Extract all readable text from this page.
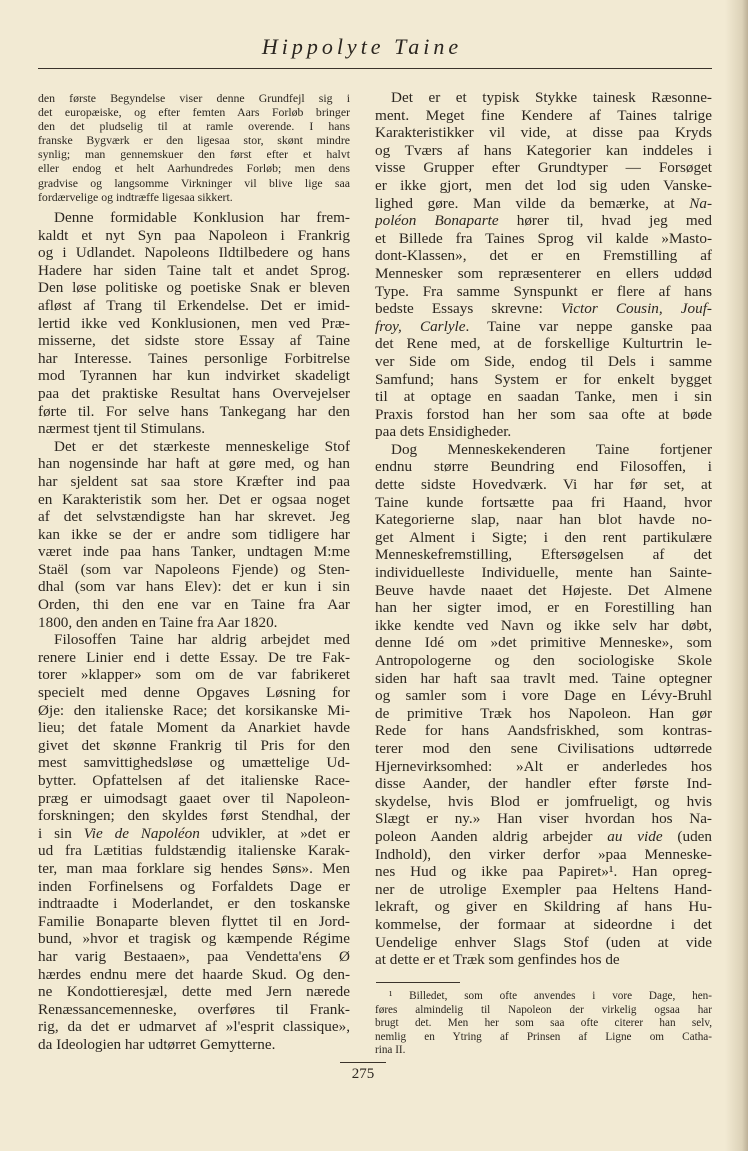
Hippolyte Taine
den første Begyndelse viser denne Grundfejl sig i
det europæiske, og efter femten Aars Forløb bringer
den det pludselig til at ramle overende. I hans
franske Bygværk er den ligesaa stor, skønt mindre
synlig; man gennemskuer den først efter et halvt
eller endog et helt Aarhundredes Forløb; men dens
gradvise og langsomme Virkninger vil blive lige saa
fordærvelige og indtræffe ligesaa sikkert.
Denne formidable Konklusion har frem-
kaldt et nyt Syn paa Napoleon i Frankrig
og i Udlandet. Napoleons Ildtilbedere og hans
Hadere har siden Taine talt et andet Sprog.
Den løse politiske og poetiske Snak er bleven
afløst af Trang til Erkendelse. Det er imid-
lertid ikke ved Konklusionen, men ved Præ-
misserne, det sidste store Essay af Taine
har Interesse. Taines personlige Forbitrelse
mod Tyrannen har kun indvirket skadeligt
paa det praktiske Resultat hans Overvejelser
førte til. For selve hans Tankegang har den
nærmest tjent til Stimulans.
Det er det stærkeste menneskelige Stof
han nogensinde har haft at gøre med, og han
har sjeldent sat saa store Kræfter ind paa
en Karakteristik som her. Det er ogsaa noget
af det selvstændigste han har skrevet. Jeg
kan ikke se der er andre som tidligere har
været inde paa hans Tanker, undtagen M:me
Staël (som var Napoleons Fjende) og Sten-
dhal (som var hans Elev): det er kun i sin
Orden, thi den ene var en Taine fra Aar
1800, den anden en Taine fra Aar 1820.
Filosoffen Taine har aldrig arbejdet med
renere Linier end i dette Essay. De tre Fak-
torer »klapper» som om de var fabrikeret
specielt med denne Opgaves Løsning for
Øje: den italienske Race; det korsikanske Mi-
lieu; det fatale Moment da Anarkiet havde
givet det skønne Frankrig til Pris for den
mest samvittighedsløse og umættelige Ud-
bytter. Opfattelsen af det italienske Race-
præg er uimodsagt gaaet over til Napoleon-
forskningen; den skyldes først Stendhal, der
i sin Vie de Napoléon udvikler, at »det er
ud fra Lætitias fuldstændig italienske Karak-
ter, man maa forklare sig hendes Søns». Men
inden Forfinelsens og Forfaldets Dage er
indtraadte i Moderlandet, er den toskanske
Familie Bonaparte bleven flyttet til en Jord-
bund, »hvor et tragisk og kæmpende Régime
har varig Bestaaen», paa Vendetta'ens Ø
hærdes endnu mere det haarde Skud. Og den-
ne Kondottieresjæl, dette med Jern nærede
Renæssancemenneske, overføres til Frank-
rig, da det er udmarvet af »l'esprit classique»,
da Ideologien har udtørret Gemytterne.
Det er et typisk Stykke tainesk Ræsonne-
ment. Meget fine Kendere af Taines talrige
Karakteristikker vil vide, at disse paa Kryds
og Tværs af hans Kategorier kan inddeles i
visse Grupper efter Grundtyper — Forsøget
er ikke gjort, men det lod sig uden Vanske-
lighed gøre. Man vilde da bemærke, at Na-
poléon Bonaparte hører til, hvad jeg med
et Billede fra Taines Sprog vil kalde »Masto-
dont-Klassen», det er en Fremstilling af
Mennesker som repræsenterer en ellers uddød
Type. Fra samme Synspunkt er flere af hans
bedste Essays skrevne: Victor Cousin, Jouf-
froy, Carlyle. Taine var neppe ganske paa
det Rene med, at de forskellige Kulturtrin le-
ver Side om Side, endog til Dels i samme
Samfund; hans System er for enkelt bygget
til at optage en saadan Tanke, men i sin
Praxis forstod han her som saa ofte at bøde
paa dets Ensidigheder.
Dog Menneskekenderen Taine fortjener
endnu større Beundring end Filosoffen, i
dette sidste Hovedværk. Vi har før set, at
Taine kunde fortsætte paa fri Haand, hvor
Kategorierne slap, naar han blot havde no-
get Alment i Sigte; i den rent partikulære
Menneskefremstilling, Eftersøgelsen af det
individuelleste Individuelle, mente han Sainte-
Beuve havde naaet det Højeste. Det Almene
han her sigter imod, er en Forestilling han
ikke kendte ved Navn og ikke selv har døbt,
denne Idé om »det primitive Menneske», som
Antropologerne og den sociologiske Skole
siden har haft saa travlt med. Taine optegner
og samler som i vore Dage en Lévy-Bruhl
de primitive Træk hos Napoleon. Han gør
Rede for hans Aandsfriskhed, som kontras-
terer mod den sene Civilisations udtørrede
Hjernevirksomhed: »Alt er anderledes hos
disse Aander, der handler efter første Ind-
skydelse, hvis Blod er jomfrueligt, og hvis
Slægt er ny.» Han viser hvordan hos Na-
poleon Aanden aldrig arbejder au vide (uden
Indhold), den virker derfor »paa Menneske-
nes Hud og ikke paa Papiret»¹. Han opreg-
ner de utrolige Exempler paa Heltens Hand-
lekraft, og giver en Skildring af hans Hu-
kommelse, der formaar at sideordne i det
Uendelige enhver Slags Stof (uden at vide
at dette er et Træk som genfindes hos de
¹ Billedet, som ofte anvendes i vore Dage, hen-
føres almindelig til Napoleon der virkelig ogsaa har
brugt det. Men her som saa ofte citerer han selv,
nemlig en Ytring af Prinsen af Ligne om Catha-
rina II.
275
